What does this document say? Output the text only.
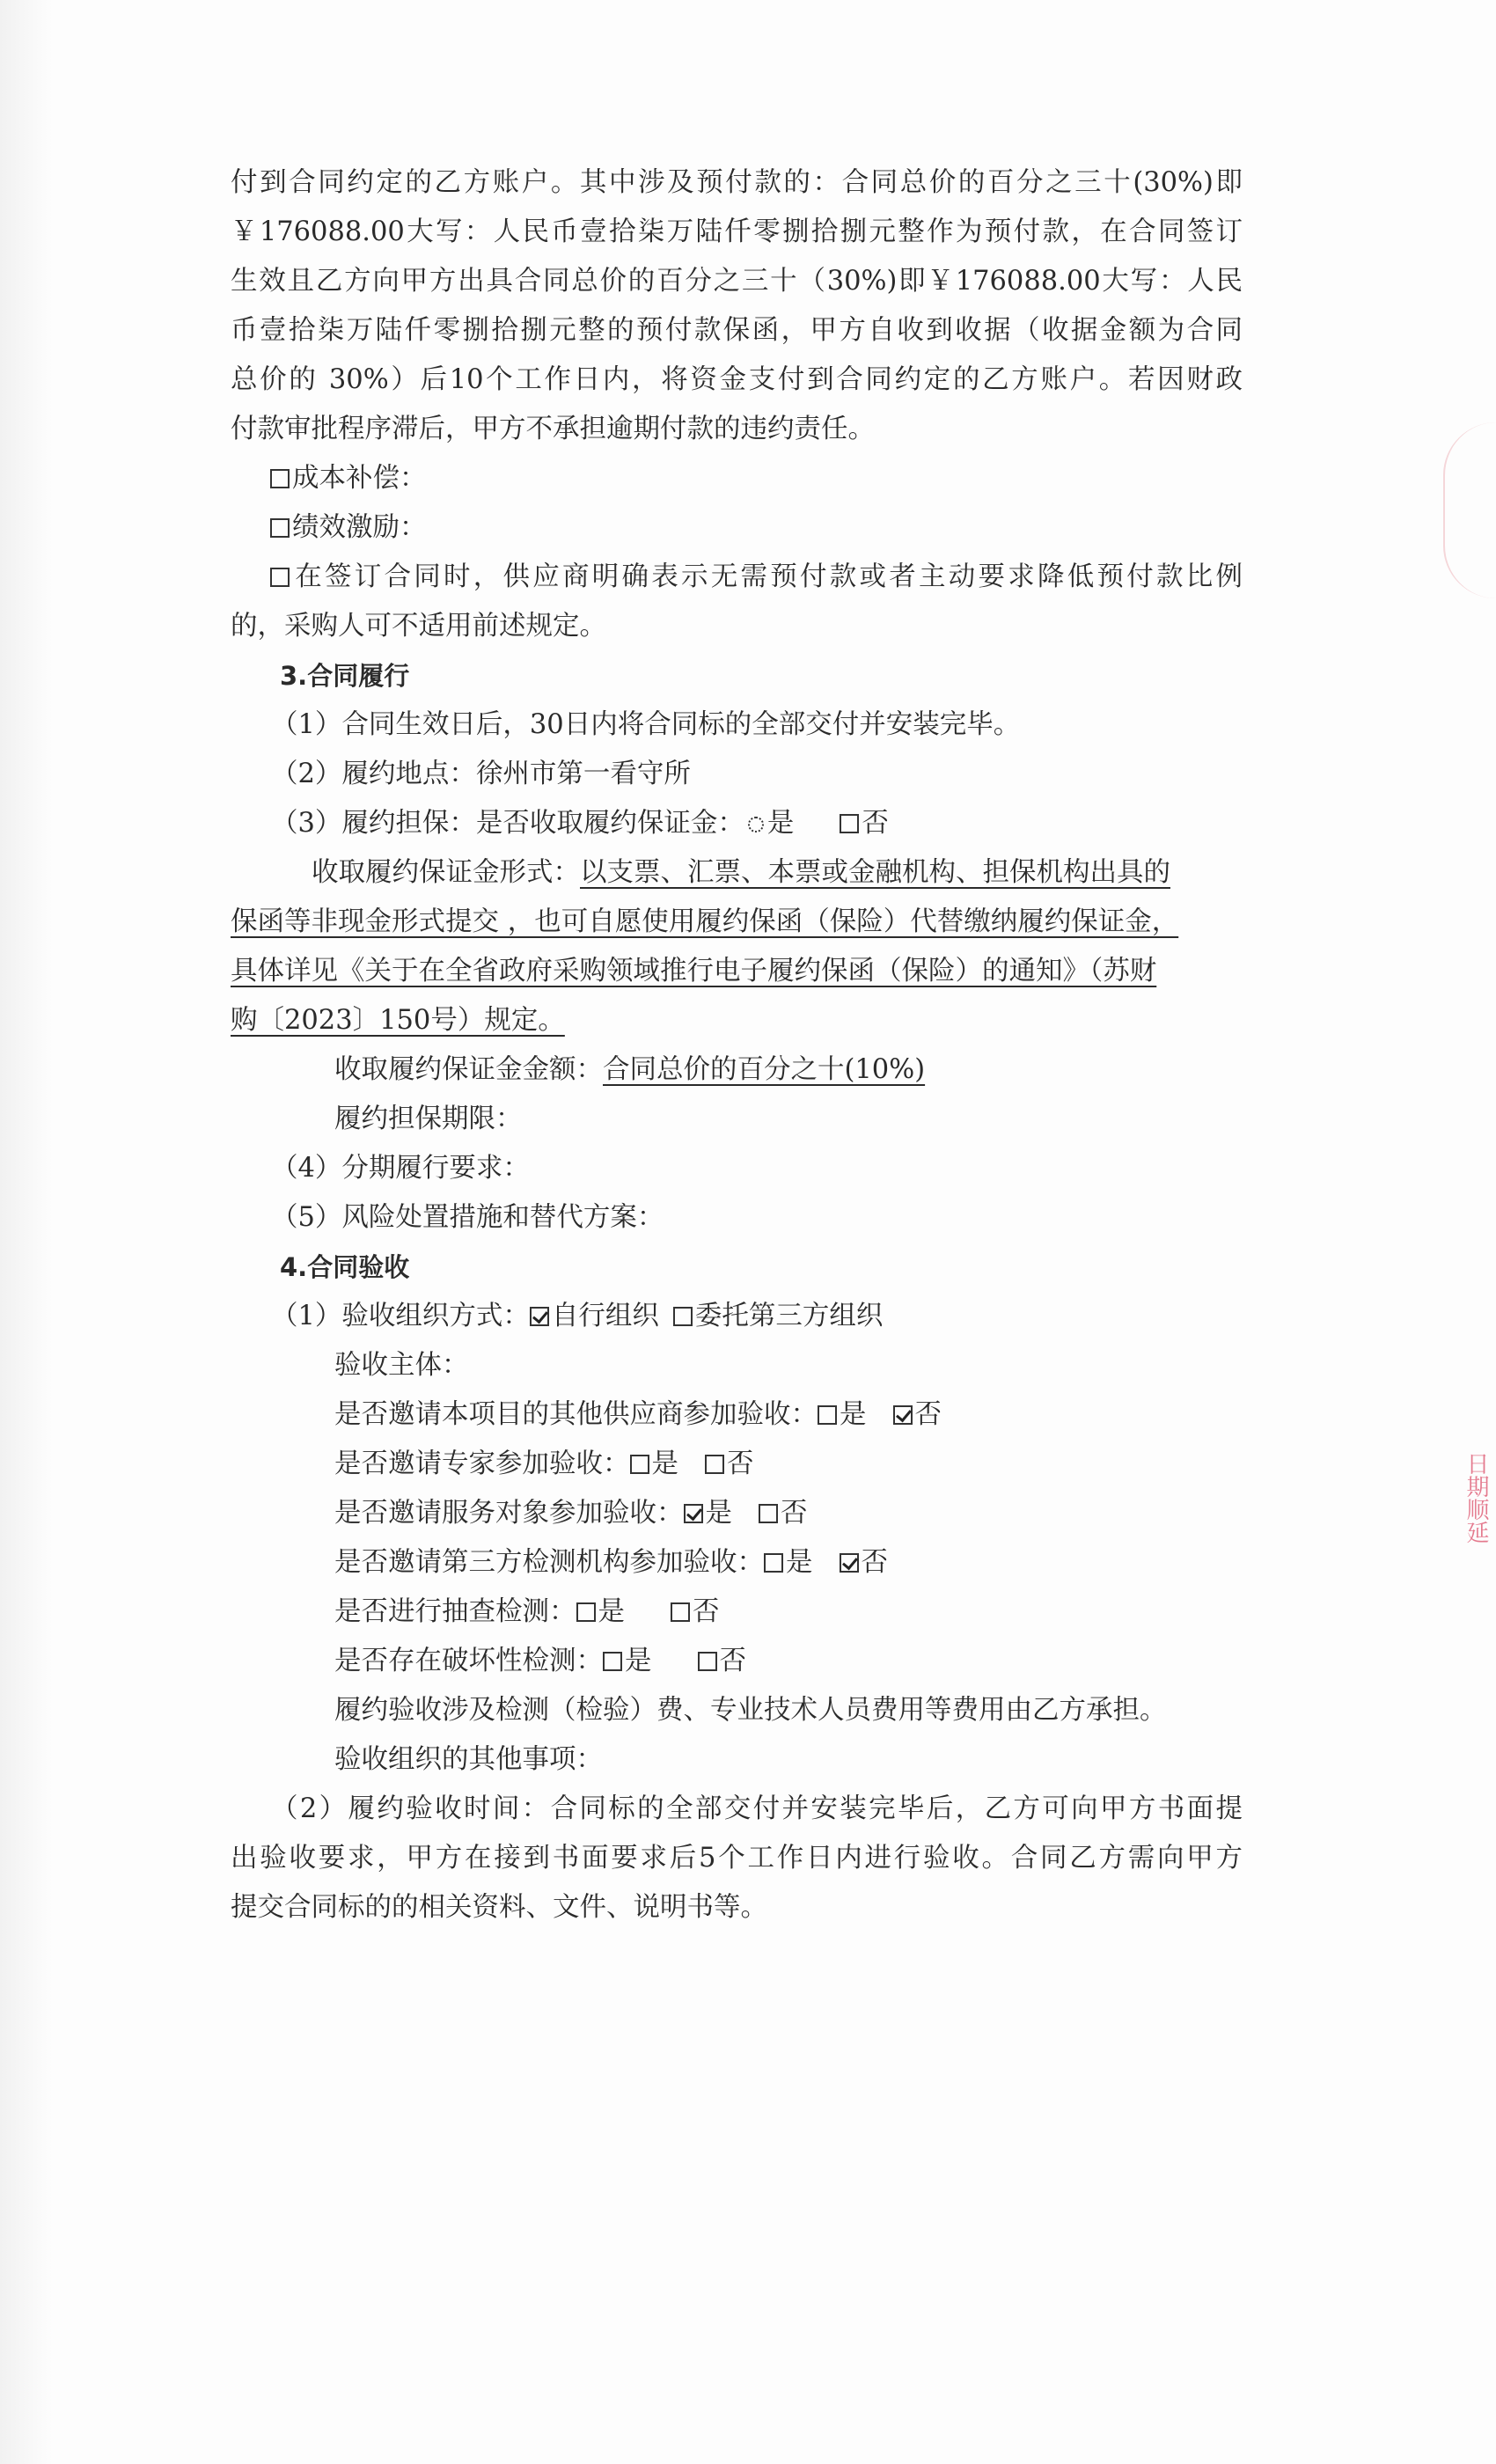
付到合同约定的乙方账户。其中涉及预付款的：合同总价的百分之三十(30%)即
￥176088.00大写：人民币壹拾柒万陆仟零捌拾捌元整作为预付款，在合同签订
生效且乙方向甲方出具合同总价的百分之三十（30%)即￥176088.00大写：人民
币壹拾柒万陆仟零捌拾捌元整的预付款保函，甲方自收到收据（收据金额为合同
总价的 30%）后10个工作日内，将资金支付到合同约定的乙方账户。若因财政
付款审批程序滞后，甲方不承担逾期付款的违约责任。
成本补偿：
绩效激励：
在签订合同时，供应商明确表示无需预付款或者主动要求降低预付款比例
的，采购人可不适用前述规定。
3.合同履行
（1）合同生效日后，30日内将合同标的全部交付并安装完毕。
（2）履约地点：徐州市第一看守所
（3）履约担保：是否收取履约保证金： 是	否
收取履约保证金形式：以支票、汇票、本票或金融机构、担保机构出具的
保函等非现金形式提交 ，也可自愿使用履约保函（保险）代替缴纳履约保证金，
具体详见《关于在全省政府采购领域推行电子履约保函（保险）的通知》（苏财
购〔2023〕150号）规定。
收取履约保证金金额：合同总价的百分之十(10%)
履约担保期限：
（4）分期履行要求：
（5）风险处置措施和替代方案：
4.合同验收
（1）验收组织方式： 自行组织 委托第三方组织
验收主体：
是否邀请本项目的其他供应商参加验收： 是 否
是否邀请专家参加验收： 是 否
是否邀请服务对象参加验收： 是 否
是否邀请第三方检测机构参加验收： 是 否
是否进行抽查检测： 是	否
是否存在破坏性检测： 是	否
履约验收涉及检测（检验）费、专业技术人员费用等费用由乙方承担。
验收组织的其他事项：
（2）履约验收时间：合同标的全部交付并安装完毕后，乙方可向甲方书面提
出验收要求，甲方在接到书面要求后5个工作日内进行验收。合同乙方需向甲方
提交合同标的的相关资料、文件、说明书等。
日期顺延
